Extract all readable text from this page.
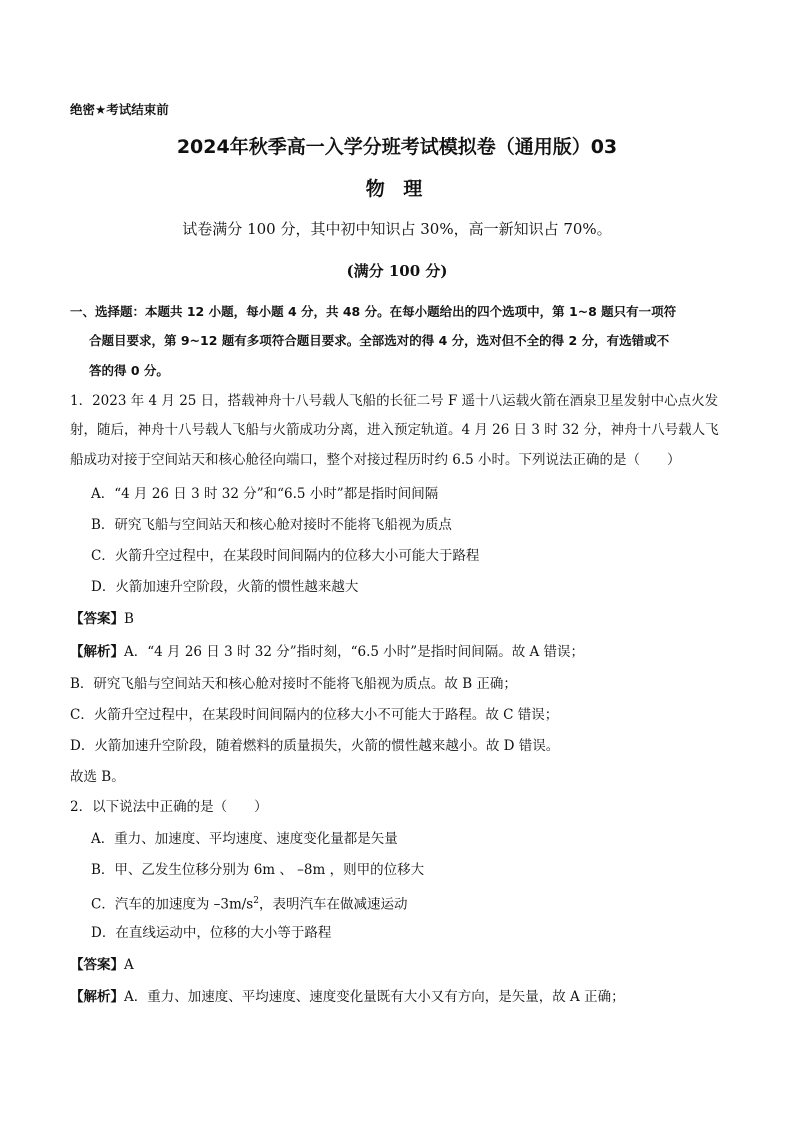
绝密★考试结束前
2024年秋季高一入学分班考试模拟卷（通用版）03
物 理
试卷满分 100 分，其中初中知识占 30%，高一新知识占 70%。
(满分 100 分)
一、选择题：本题共 12 小题，每小题 4 分，共 48 分。在每小题给出的四个选项中，第 1~8 题只有一项符
合题目要求，第 9~12 题有多项符合题目要求。全部选对的得 4 分，选对但不全的得 2 分，有选错或不
答的得 0 分。
1．2023 年 4 月 25 日，搭载神舟十八号载人飞船的长征二号 F 遥十八运载火箭在酒泉卫星发射中心点火发
射，随后，神舟十八号载人飞船与火箭成功分离，进入预定轨道。4 月 26 日 3 时 32 分，神舟十八号载人飞
船成功对接于空间站天和核心舱径向端口，整个对接过程历时约 6.5 小时。下列说法正确的是（　　）
A．“4 月 26 日 3 时 32 分”和“6.5 小时”都是指时间间隔
B．研究飞船与空间站天和核心舱对接时不能将飞船视为质点
C．火箭升空过程中，在某段时间间隔内的位移大小可能大于路程
D．火箭加速升空阶段，火箭的惯性越来越大
【答案】B
【解析】A．“4 月 26 日 3 时 32 分”指时刻，“6.5 小时”是指时间间隔。故 A 错误；
B．研究飞船与空间站天和核心舱对接时不能将飞船视为质点。故 B 正确；
C．火箭升空过程中，在某段时间间隔内的位移大小不可能大于路程。故 C 错误；
D．火箭加速升空阶段，随着燃料的质量损失，火箭的惯性越来越小。故 D 错误。
故选 B。
2．以下说法中正确的是（　　）
A．重力、加速度、平均速度、速度变化量都是矢量
B．甲、乙发生位移分别为 6m 、 –8m ，则甲的位移大
C．汽车的加速度为 $-3m/s^2$，表明汽车在做减速运动
D．在直线运动中，位移的大小等于路程
【答案】A
【解析】A．重力、加速度、平均速度、速度变化量既有大小又有方向，是矢量，故 A 正确；
